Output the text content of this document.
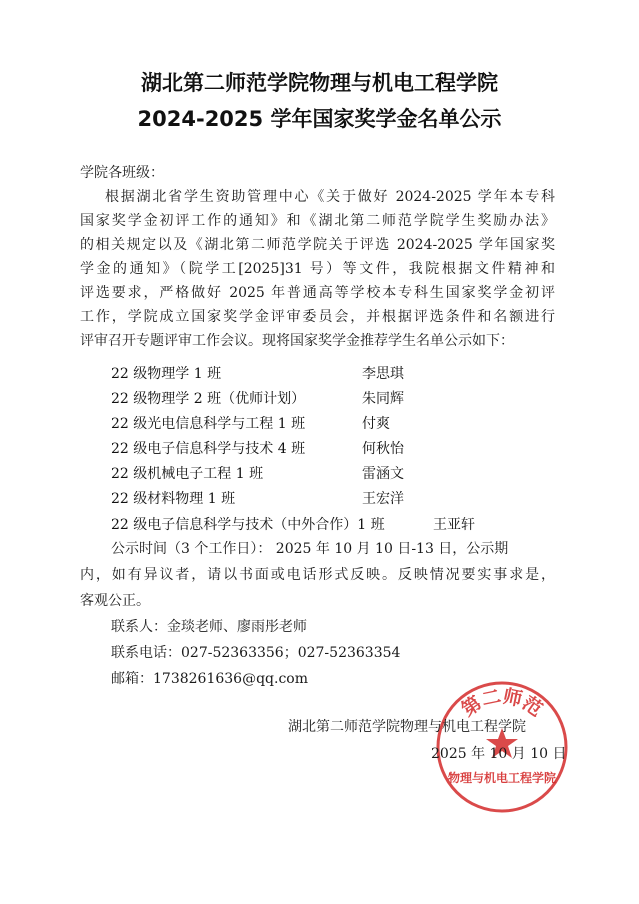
湖北第二师范学院物理与机电工程学院
2024-2025 学年国家奖学金名单公示
学院各班级：
根据湖北省学生资助管理中心《关于做好 2024-2025 学年本专科
国家奖学金初评工作的通知》和《湖北第二师范学院学生奖励办法》
的相关规定以及《湖北第二师范学院关于评选 2024-2025 学年国家奖
学金的通知》（院学工[2025]31 号）等文件，我院根据文件精神和
评选要求，严格做好 2025 年普通高等学校本专科生国家奖学金初评
工作，学院成立国家奖学金评审委员会，并根据评选条件和名额进行
评审召开专题评审工作会议。现将国家奖学金推荐学生名单公示如下：
22 级物理学 1 班	李思琪
22 级物理学 2 班（优师计划）	朱同辉
22 级光电信息科学与工程 1 班	付爽
22 级电子信息科学与技术 4 班	何秋怡
22 级机械电子工程 1 班	雷涵文
22 级材料物理 1 班	王宏洋
22 级电子信息科学与技术（中外合作）1 班	王亚轩
公示时间（3 个工作日）： 2025 年 10 月 10 日-13 日，公示期
内，如有异议者，请以书面或电话形式反映。反映情况要实事求是，
客观公正。
联系人：金琰老师、廖雨彤老师
联系电话：027-52363356；027-52363354
邮箱：1738261636@qq.com
第二师范
物理与机电工程学院
湖北第二师范学院物理与机电工程学院
2025 年 10 月 10 日
